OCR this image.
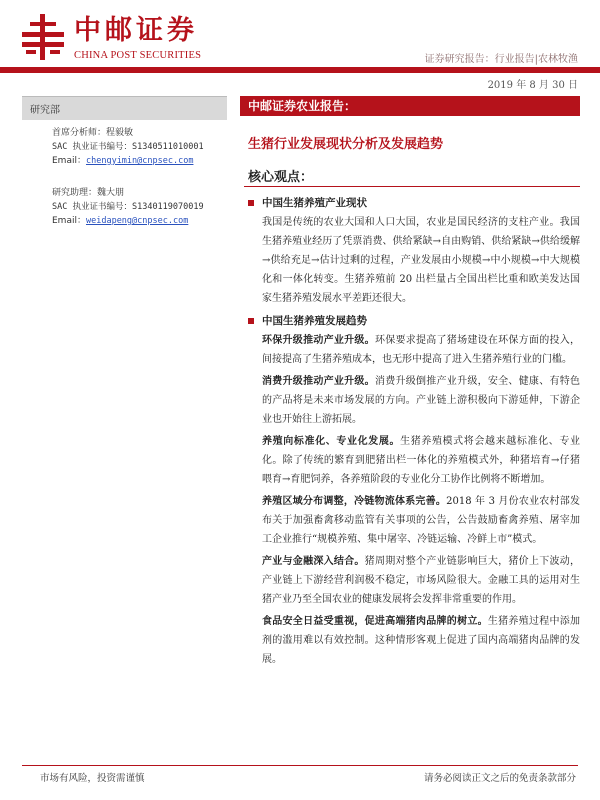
中邮证券
CHINA POST SECURITIES	证券研究报告：行业报告|农林牧渔
2019 年 8 月 30 日
研究部
首席分析师：程毅敏
SAC 执业证书编号：S1340511010001
Email：chengyimin@cnpsec.com
研究助理：魏大朋
SAC 执业证书编号：S1340119070019
Email：weidapeng@cnpsec.com
中邮证券农业报告：
生猪行业发展现状分析及发展趋势
核心观点：
中国生猪养殖产业现状

我国是传统的农业大国和人口大国，农业是国民经济的支柱产业。我国生猪养殖业经历了凭票消费、供给紧缺→自由购销、供给紧缺→供给缓解→供给充足→估计过剩的过程，产业发展由小规模→中小规模→中大规模化和一体化转变。生猪养殖前 20 出栏量占全国出栏比重和欧美发达国家生猪养殖发展水平差距还很大。

中国生猪养殖发展趋势

环保升级推动产业升级。环保要求提高了猪场建设在环保方面的投入，间接提高了生猪养殖成本，也无形中提高了进入生猪养殖行业的门槛。

消费升级推动产业升级。消费升级倒推产业升级，安全、健康、有特色的产品将是未来市场发展的方向。产业链上游积极向下游延伸，下游企业也开始往上游拓展。

养殖向标准化、专业化发展。生猪养殖模式将会越来越标准化、专业化。除了传统的繁育到肥猪出栏一体化的养殖模式外，种猪培育→仔猪喂育→育肥饲养，各养殖阶段的专业化分工协作比例将不断增加。

养殖区域分布调整，冷链物流体系完善。2018 年 3 月份农业农村部发布关于加强畜禽移动监管有关事项的公告，公告鼓励畜禽养殖、屠宰加工企业推行“规模养殖、集中屠宰、冷链运输、冷鲜上市”模式。

产业与金融深入结合。猪周期对整个产业链影响巨大，猪价上下波动，产业链上下游经营利润极不稳定，市场风险很大。金融工具的运用对生猪产业乃至全国农业的健康发展将会发挥非常重要的作用。

食品安全日益受重视，促进高端猪肉品牌的树立。生猪养殖过程中添加剂的滥用难以有效控制。这种情形客观上促进了国内高端猪肉品牌的发展。

市场有风险，投资需谨慎	请务必阅读正文之后的免责条款部分
